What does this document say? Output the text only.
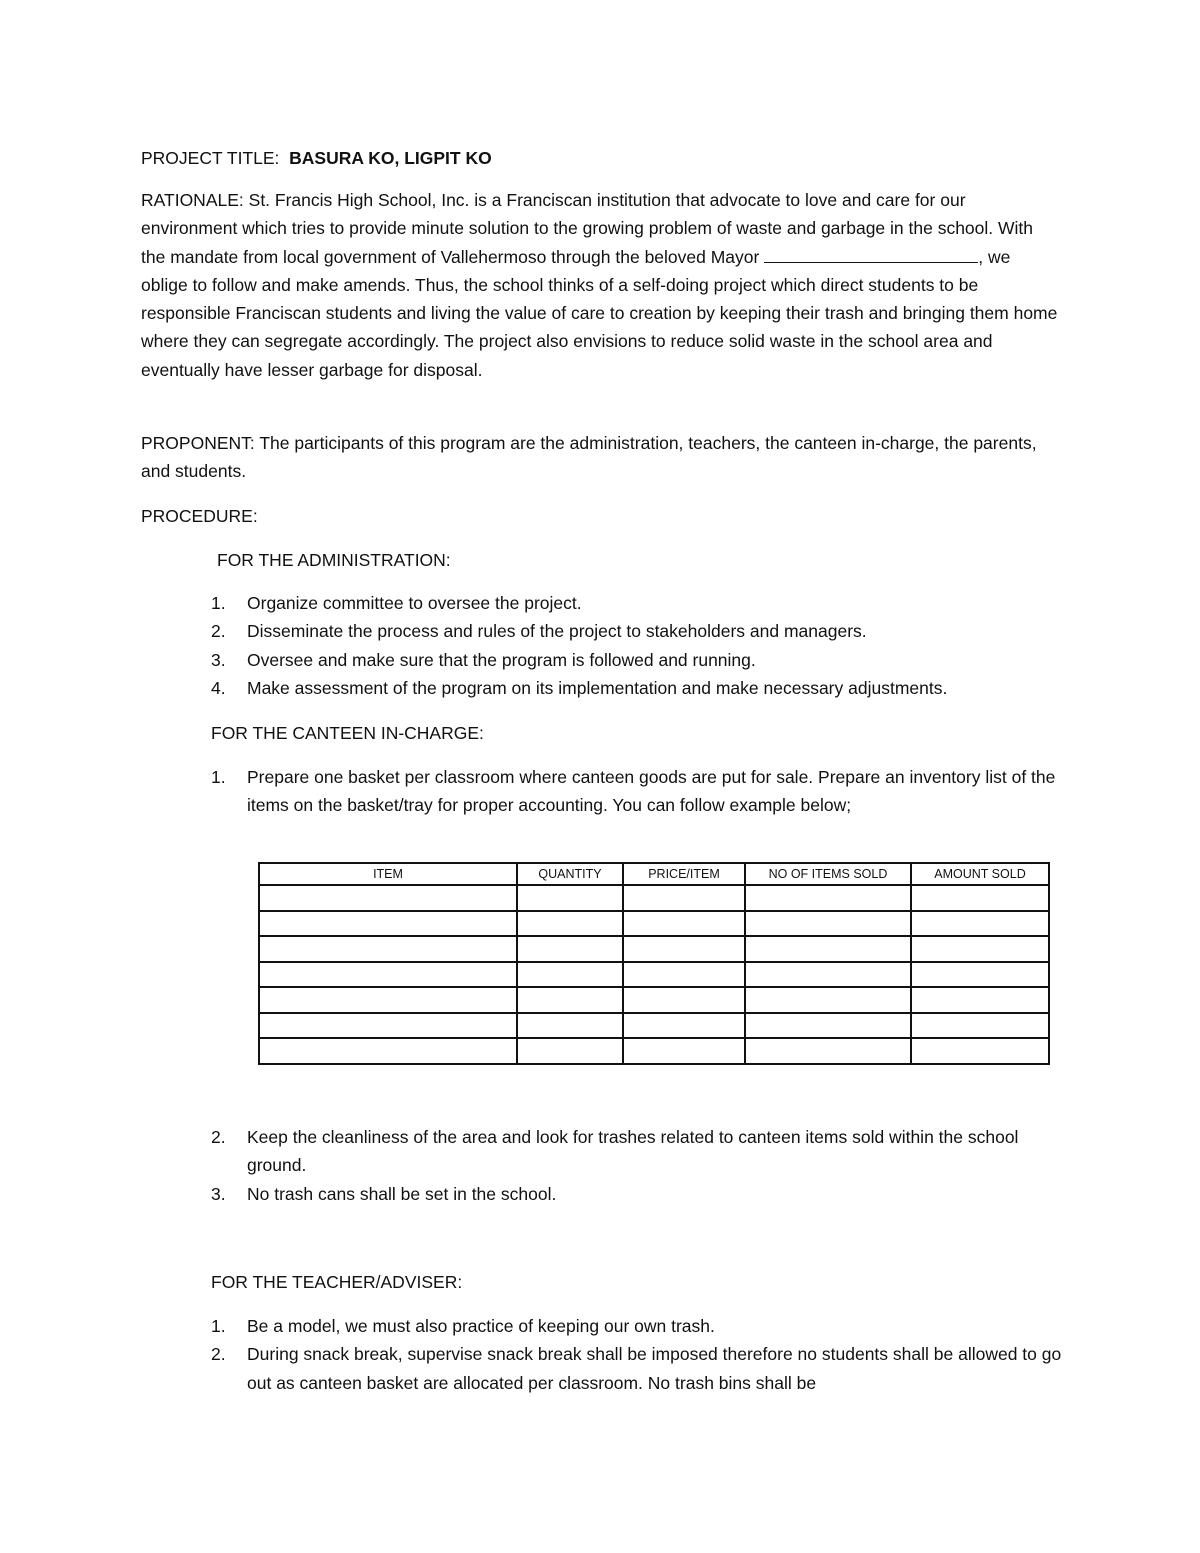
PROJECT TITLE: BASURA KO, LIGPIT KO

RATIONALE: St. Francis High School, Inc. is a Franciscan institution that advocate to love and care for our environment which tries to provide minute solution to the growing problem of waste and garbage in the school. With the mandate from local government of Vallehermoso through the beloved Mayor	, we oblige to follow and make amends. Thus, the school thinks of a self-doing project which direct students to be responsible Franciscan students and living the value of care to creation by keeping their trash and bringing them home where they can segregate accordingly. The project also envisions to reduce solid waste in the school area and eventually have lesser garbage for disposal.

PROPONENT: The participants of this program are the administration, teachers, the canteen in-charge, the parents, and students.

PROCEDURE:

FOR THE ADMINISTRATION:

1. Organize committee to oversee the project.
2. Disseminate the process and rules of the project to stakeholders and managers.
3. Oversee and make sure that the program is followed and running.
4. Make assessment of the program on its implementation and make necessary adjustments.

FOR THE CANTEEN IN-CHARGE:

1. Prepare one basket per classroom where canteen goods are put for sale. Prepare an inventory list of the items on the basket/tray for proper accounting. You can follow example below;
ITEM	QUANTITY	PRICE/ITEM	NO OF ITEMS SOLD	AMOUNT SOLD

2. Keep the cleanliness of the area and look for trashes related to canteen items sold within the school ground.
3. No trash cans shall be set in the school.

FOR THE TEACHER/ADVISER:

1. Be a model, we must also practice of keeping our own trash.
2. During snack break, supervise snack break shall be imposed therefore no students shall be allowed to go out as canteen basket are allocated per classroom. No trash bins shall be
